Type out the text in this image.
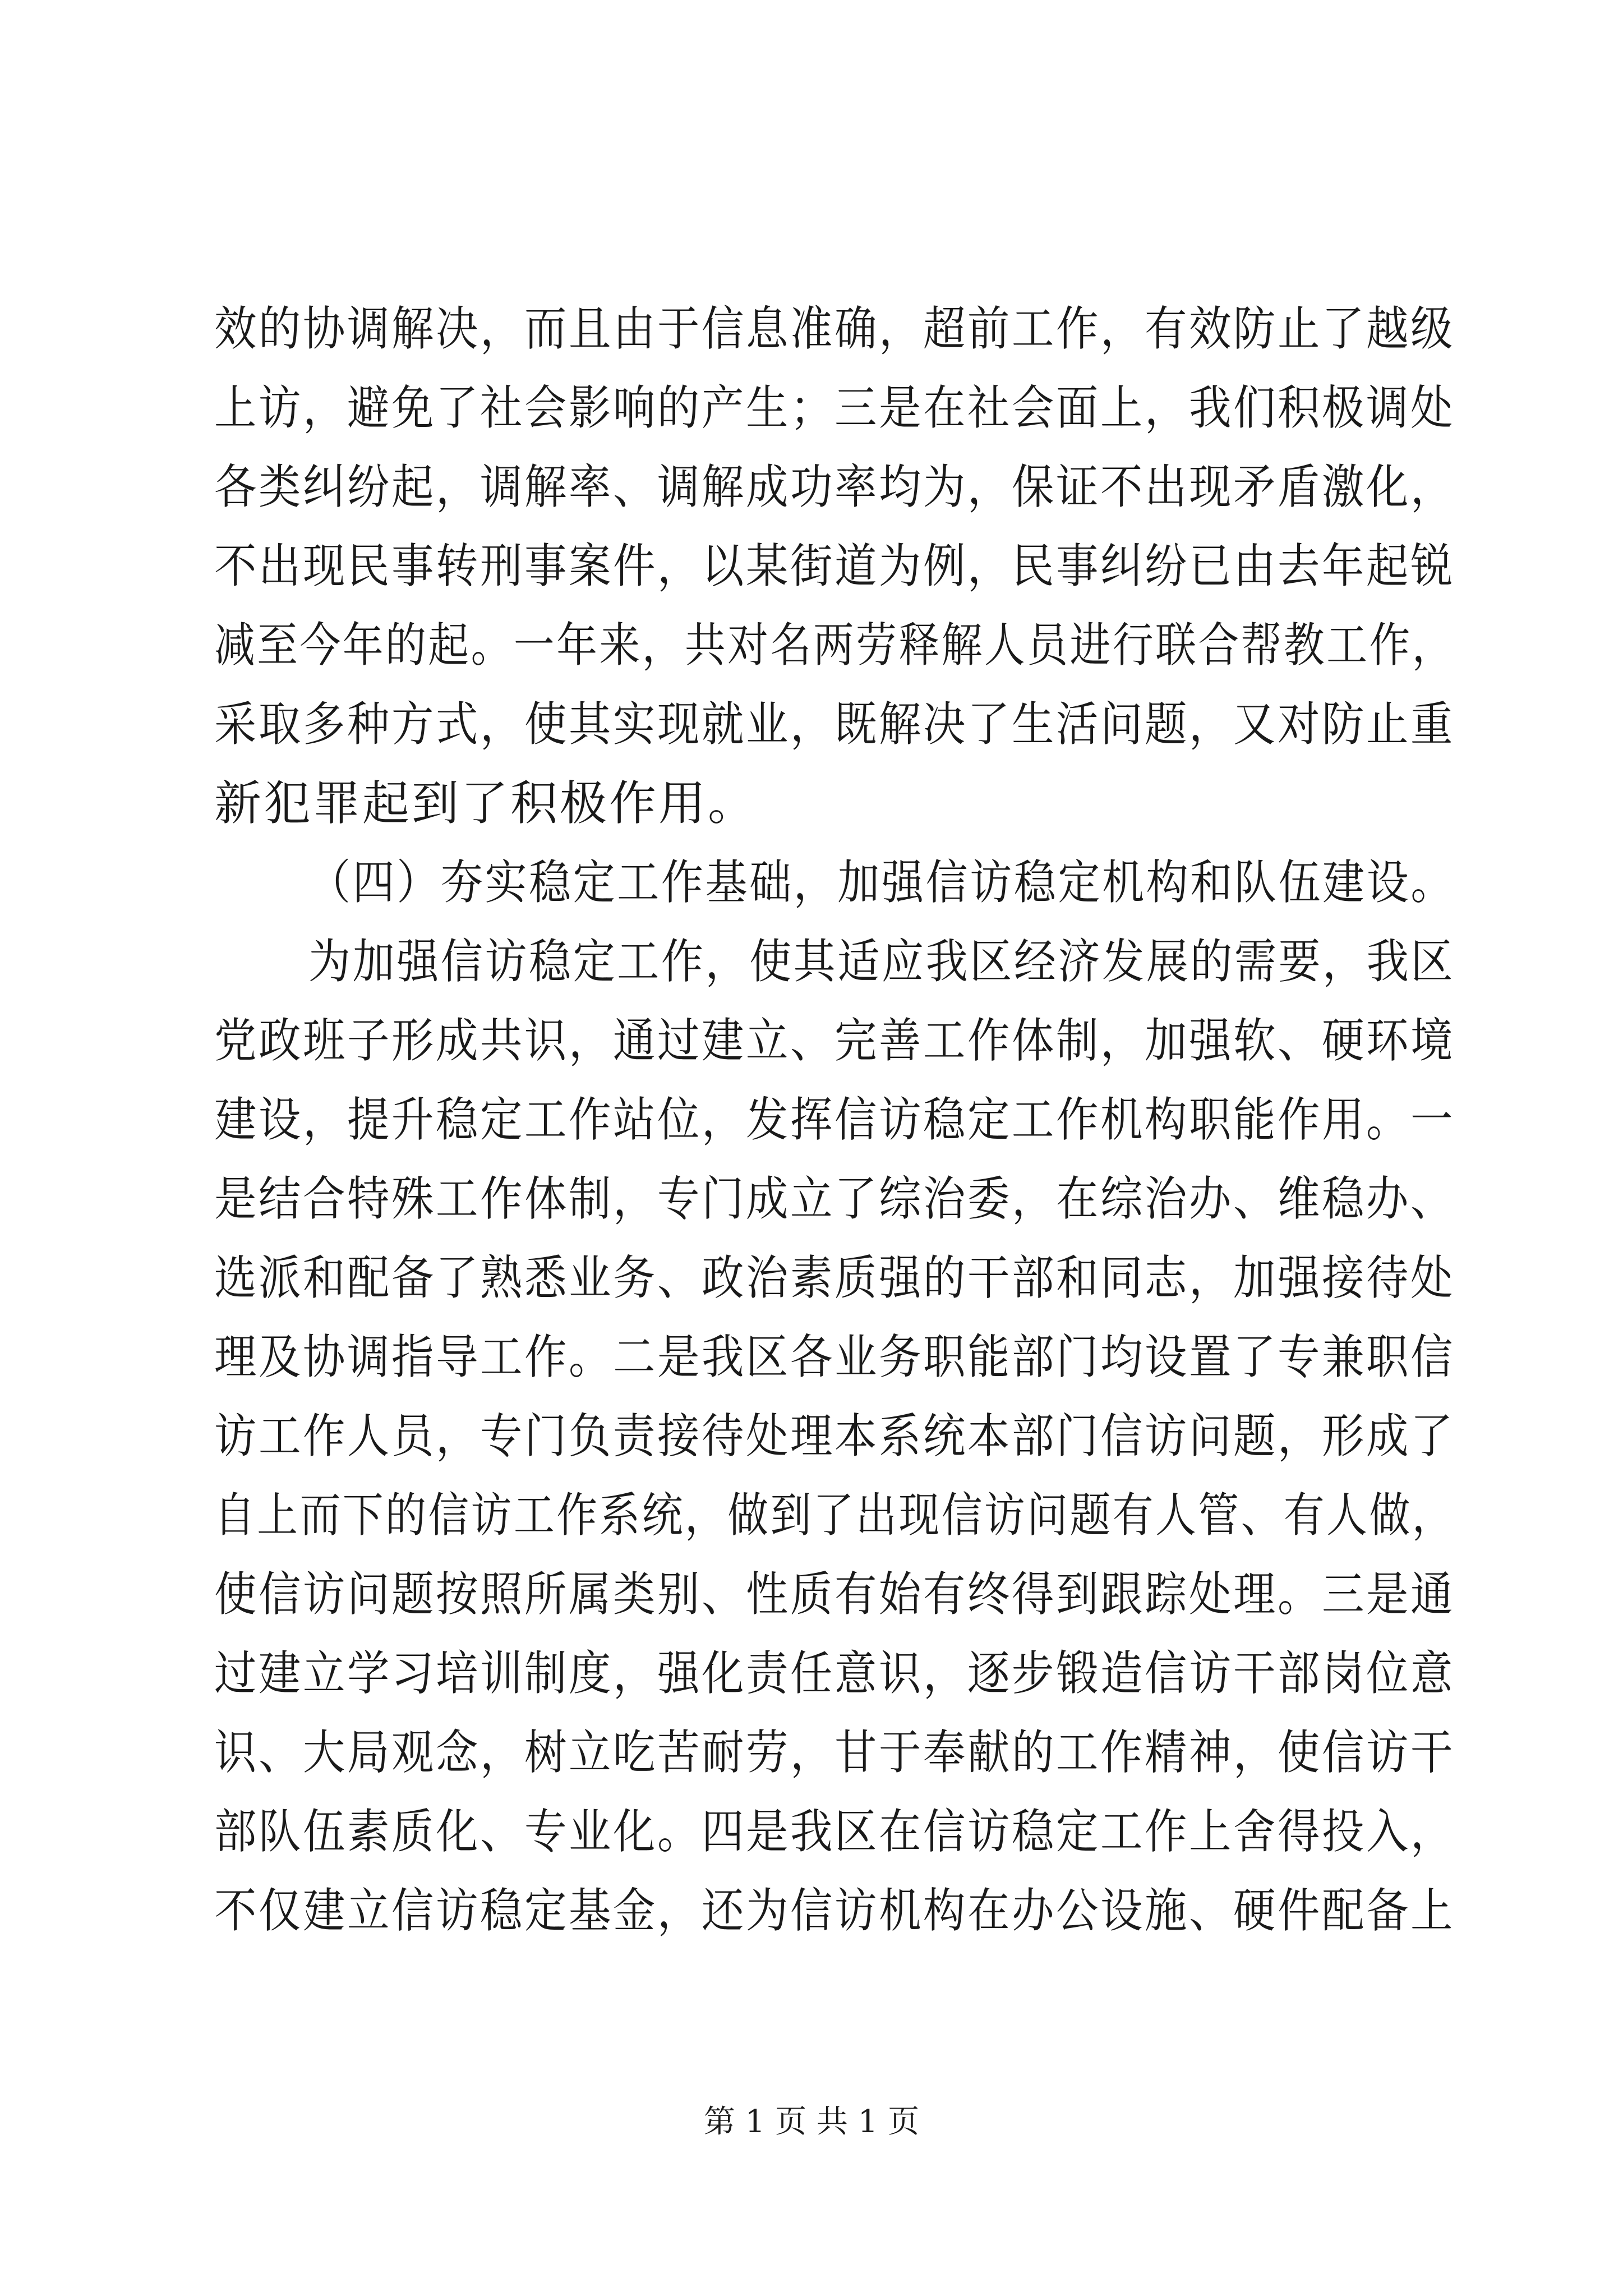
效的协调解决，而且由于信息准确，超前工作，有效防止了越级
上访，避免了社会影响的产生；三是在社会面上，我们积极调处
各类纠纷起，调解率、调解成功率均为，保证不出现矛盾激化，
不出现民事转刑事案件，以某街道为例，民事纠纷已由去年起锐
减至今年的起。一年来，共对名两劳释解人员进行联合帮教工作，
采取多种方式，使其实现就业，既解决了生活问题，又对防止重
新犯罪起到了积极作用。
（四）夯实稳定工作基础，加强信访稳定机构和队伍建设。
为加强信访稳定工作，使其适应我区经济发展的需要，我区
党政班子形成共识，通过建立、完善工作体制，加强软、硬环境
建设，提升稳定工作站位，发挥信访稳定工作机构职能作用。一
是结合特殊工作体制，专门成立了综治委，在综治办、维稳办、
选派和配备了熟悉业务、政治素质强的干部和同志，加强接待处
理及协调指导工作。二是我区各业务职能部门均设置了专兼职信
访工作人员，专门负责接待处理本系统本部门信访问题，形成了
自上而下的信访工作系统，做到了出现信访问题有人管、有人做，
使信访问题按照所属类别、性质有始有终得到跟踪处理。三是通
过建立学习培训制度，强化责任意识，逐步锻造信访干部岗位意
识、大局观念，树立吃苦耐劳，甘于奉献的工作精神，使信访干
部队伍素质化、专业化。四是我区在信访稳定工作上舍得投入，
不仅建立信访稳定基金，还为信访机构在办公设施、硬件配备上
第 1 页 共 1 页
